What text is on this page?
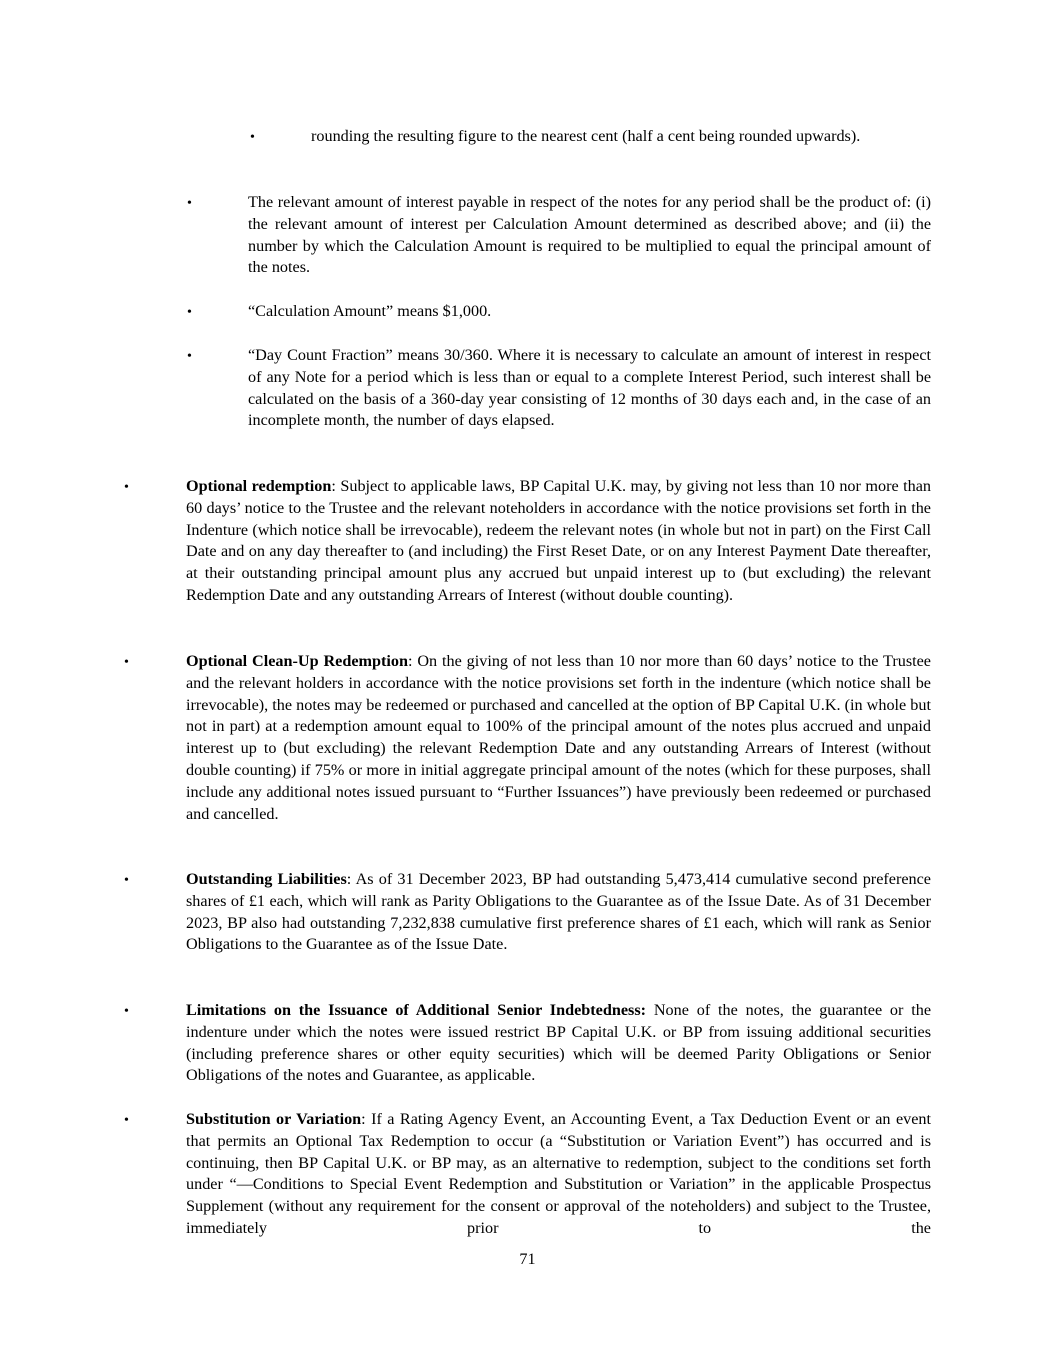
•	rounding the resulting figure to the nearest cent (half a cent being rounded upwards).
•	The relevant amount of interest payable in respect of the notes for any period shall be the product of: (i) the relevant amount of interest per Calculation Amount determined as described above; and (ii) the number by which the Calculation Amount is required to be multiplied to equal the principal amount of the notes.
•	“Calculation Amount” means $1,000.
•	“Day Count Fraction” means 30/360. Where it is necessary to calculate an amount of interest in respect of any Note for a period which is less than or equal to a complete Interest Period, such interest shall be calculated on the basis of a 360-day year consisting of 12 months of 30 days each and, in the case of an incomplete month, the number of days elapsed.
•	Optional redemption: Subject to applicable laws, BP Capital U.K. may, by giving not less than 10 nor more than 60 days’ notice to the Trustee and the relevant noteholders in accordance with the notice provisions set forth in the Indenture (which notice shall be irrevocable), redeem the relevant notes (in whole but not in part) on the First Call Date and on any day thereafter to (and including) the First Reset Date, or on any Interest Payment Date thereafter, at their outstanding principal amount plus any accrued but unpaid interest up to (but excluding) the relevant Redemption Date and any outstanding Arrears of Interest (without double counting).
•	Optional Clean-Up Redemption: On the giving of not less than 10 nor more than 60 days’ notice to the Trustee and the relevant holders in accordance with the notice provisions set forth in the indenture (which notice shall be irrevocable), the notes may be redeemed or purchased and cancelled at the option of BP Capital U.K. (in whole but not in part) at a redemption amount equal to 100% of the principal amount of the notes plus accrued and unpaid interest up to (but excluding) the relevant Redemption Date and any outstanding Arrears of Interest (without double counting) if 75% or more in initial aggregate principal amount of the notes (which for these purposes, shall include any additional notes issued pursuant to “Further Issuances”) have previously been redeemed or purchased and cancelled.
•	Outstanding Liabilities: As of 31 December 2023, BP had outstanding 5,473,414 cumulative second preference shares of £1 each, which will rank as Parity Obligations to the Guarantee as of the Issue Date. As of 31 December 2023, BP also had outstanding 7,232,838 cumulative first preference shares of £1 each, which will rank as Senior Obligations to the Guarantee as of the Issue Date.
•	Limitations on the Issuance of Additional Senior Indebtedness: None of the notes, the guarantee or the indenture under which the notes were issued restrict BP Capital U.K. or BP from issuing additional securities (including preference shares or other equity securities) which will be deemed Parity Obligations or Senior Obligations of the notes and Guarantee, as applicable.
•	Substitution or Variation: If a Rating Agency Event, an Accounting Event, a Tax Deduction Event or an event that permits an Optional Tax Redemption to occur (a “Substitution or Variation Event”) has occurred and is continuing, then BP Capital U.K. or BP may, as an alternative to redemption, subject to the conditions set forth under “—Conditions to Special Event Redemption and Substitution or Variation” in the applicable Prospectus Supplement (without any requirement for the consent or approval of the noteholders) and subject to the Trustee, immediately prior to the
71
